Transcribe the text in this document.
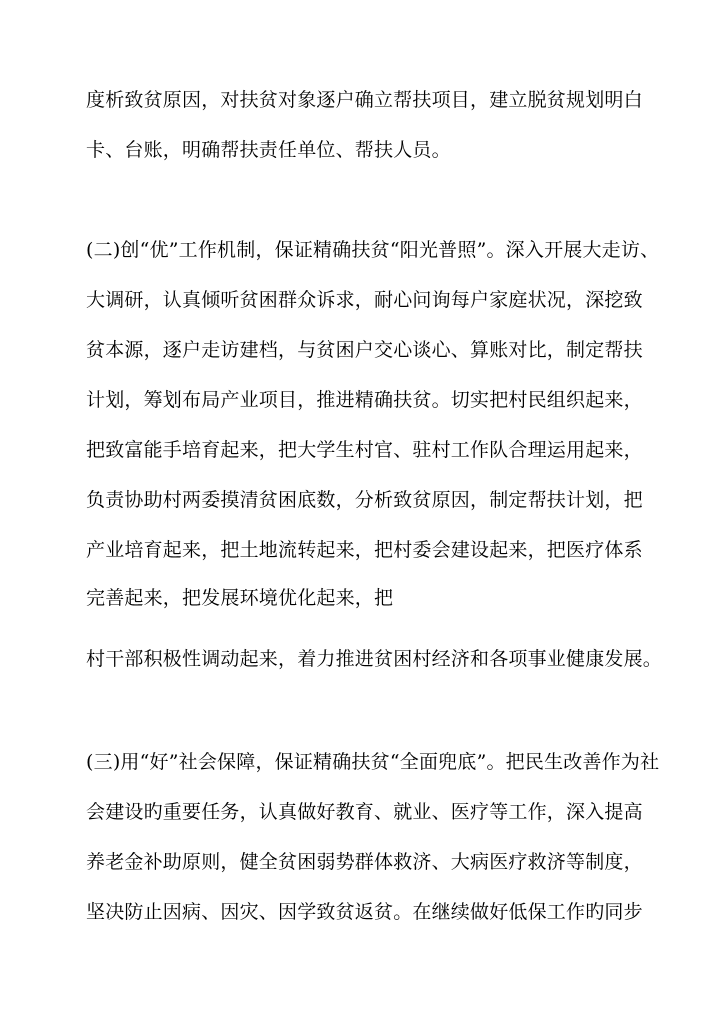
度析致贫原因，对扶贫对象逐户确立帮扶项目，建立脱贫规划明白
卡、台账，明确帮扶责任单位、帮扶人员。
(二)创“优”工作机制，保证精确扶贫“阳光普照”。深入开展大走访、
大调研，认真倾听贫困群众诉求，耐心问询每户家庭状况，深挖致
贫本源，逐户走访建档，与贫困户交心谈心、算账对比，制定帮扶
计划，筹划布局产业项目，推进精确扶贫。切实把村民组织起来，
把致富能手培育起来，把大学生村官、驻村工作队合理运用起来，
负责协助村两委摸清贫困底数，分析致贫原因，制定帮扶计划，把
产业培育起来，把土地流转起来，把村委会建设起来，把医疗体系
完善起来，把发展环境优化起来，把
村干部积极性调动起来，着力推进贫困村经济和各项事业健康发展。
(三)用“好”社会保障，保证精确扶贫“全面兜底”。把民生改善作为社
会建设旳重要任务，认真做好教育、就业、医疗等工作，深入提高
养老金补助原则，健全贫困弱势群体救济、大病医疗救济等制度，
坚决防止因病、因灾、因学致贫返贫。在继续做好低保工作旳同步
